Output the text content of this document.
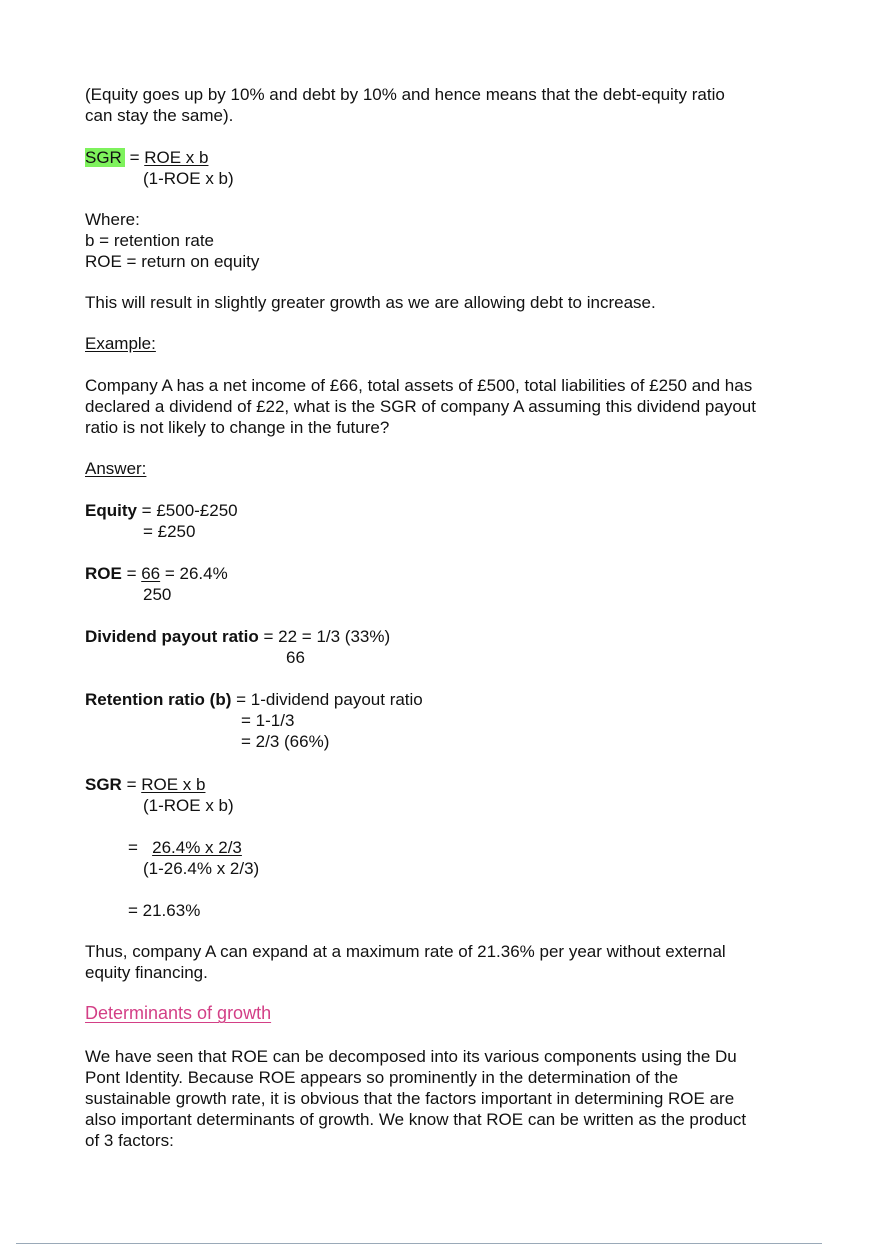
(Equity goes up by 10% and debt by 10% and hence means that the debt-equity ratio
can stay the same).
SGR = ROE x b
(1-ROE x b)
Where:
b = retention rate
ROE = return on equity
This will result in slightly greater growth as we are allowing debt to increase.
Example:
Company A has a net income of £66, total assets of £500, total liabilities of £250 and has
declared a dividend of £22, what is the SGR of company A assuming this dividend payout
ratio is not likely to change in the future?
Answer:
Equity = £500-£250
= £250
ROE = 66 = 26.4%
250
Dividend payout ratio = 22 = 1/3 (33%)
66
Retention ratio (b) = 1-dividend payout ratio
= 1-1/3
= 2/3 (66%)
SGR = ROE x b
(1-ROE x b)
= 26.4% x 2/3
(1-26.4% x 2/3)
= 21.63%
Thus, company A can expand at a maximum rate of 21.36% per year without external
equity financing.
Determinants of growth
We have seen that ROE can be decomposed into its various components using the Du
Pont Identity. Because ROE appears so prominently in the determination of the
sustainable growth rate, it is obvious that the factors important in determining ROE are
also important determinants of growth. We know that ROE can be written as the product
of 3 factors:
